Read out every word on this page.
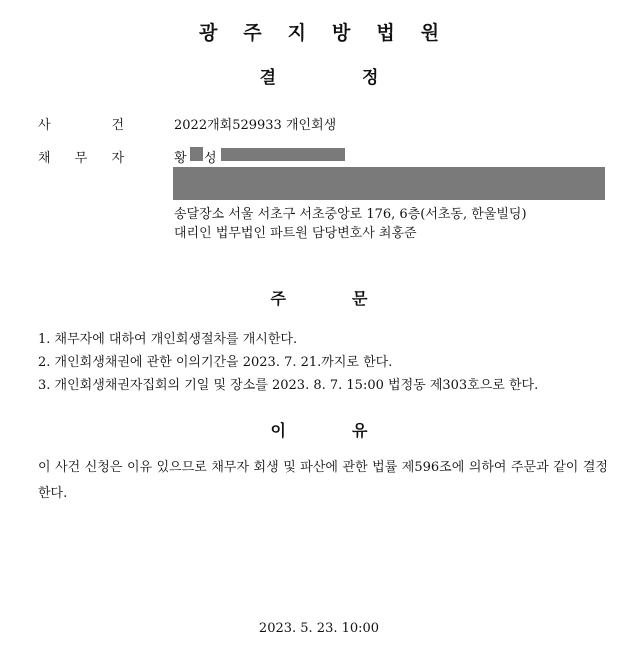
광주지방법원
결정
사	건	2022개회529933 개인회생
채 무 자	황 성
송달장소 서울 서초구 서초중앙로 176, 6층(서초동, 한울빌딩)
대리인 법무법인 파트원 담당변호사 최홍준
주문
1. 채무자에 대하여 개인회생절차를 개시한다.
2. 개인회생채권에 관한 이의기간을 2023. 7. 21.까지로 한다.
3. 개인회생채권자집회의 기일 및 장소를 2023. 8. 7. 15:00 법정동 제303호으로 한다.
이유
이 사건 신청은 이유 있으므로 채무자 회생 및 파산에 관한 법률 제596조에 의하여 주문과 같이 결정한다.
2023. 5. 23. 10:00
